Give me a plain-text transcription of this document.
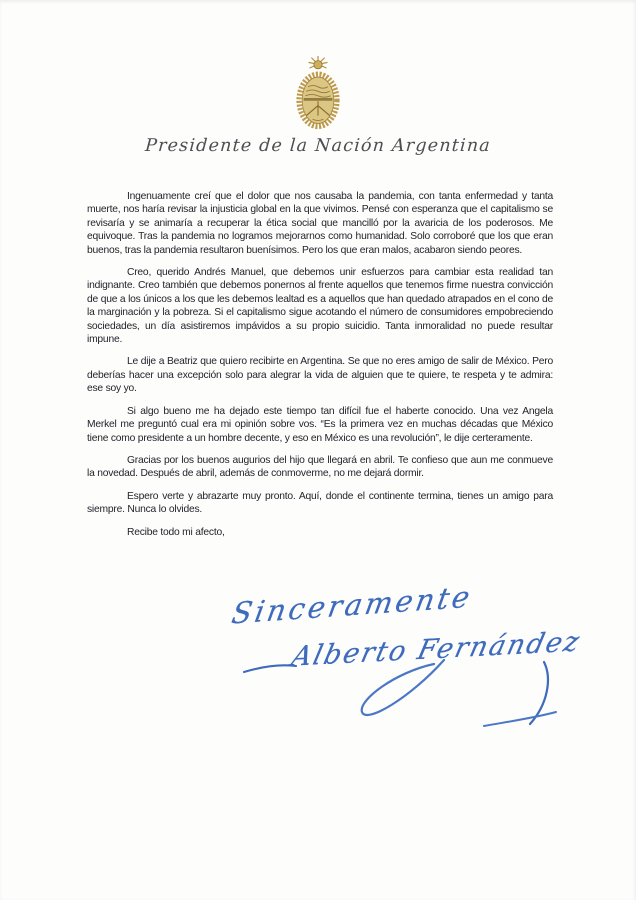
Presidente de la Nación Argentina

Ingenuamente creí que el dolor que nos causaba la pandemia, con tanta enfermedad y tanta muerte, nos haría revisar la injusticia global en la que vivimos. Pensé con esperanza que el capitalismo se revisaría y se animaría a recuperar la ética social que mancilló por la avaricia de los poderosos. Me equivoque. Tras la pandemia no logramos mejorarnos como humanidad. Solo corroboré que los que eran buenos, tras la pandemia resultaron buenísimos. Pero los que eran malos, acabaron siendo peores.

Creo, querido Andrés Manuel, que debemos unir esfuerzos para cambiar esta realidad tan indignante. Creo también que debemos ponernos al frente aquellos que tenemos firme nuestra convicción de que a los únicos a los que les debemos lealtad es a aquellos que han quedado atrapados en el cono de la marginación y la pobreza. Si el capitalismo sigue acotando el número de consumidores empobreciendo sociedades, un día asistiremos impávidos a su propio suicidio. Tanta inmoralidad no puede resultar impune.

Le dije a Beatriz que quiero recibirte en Argentina. Se que no eres amigo de salir de México. Pero deberías hacer una excepción solo para alegrar la vida de alguien que te quiere, te respeta y te admira: ese soy yo.

Si algo bueno me ha dejado este tiempo tan difícil fue el haberte conocido. Una vez Angela Merkel me preguntó cual era mi opinión sobre vos. “Es la primera vez en muchas décadas que México tiene como presidente a un hombre decente, y eso en México es una revolución”, le dije certeramente.

Gracias por los buenos augurios del hijo que llegará en abril. Te confieso que aun me conmueve la novedad. Después de abril, además de conmoverme, no me dejará dormir.

Espero verte y abrazarte muy pronto. Aquí, donde el continente termina, tienes un amigo para siempre. Nunca lo olvides.

Recibe todo mi afecto,

Sinceramente
Alberto Fernández
